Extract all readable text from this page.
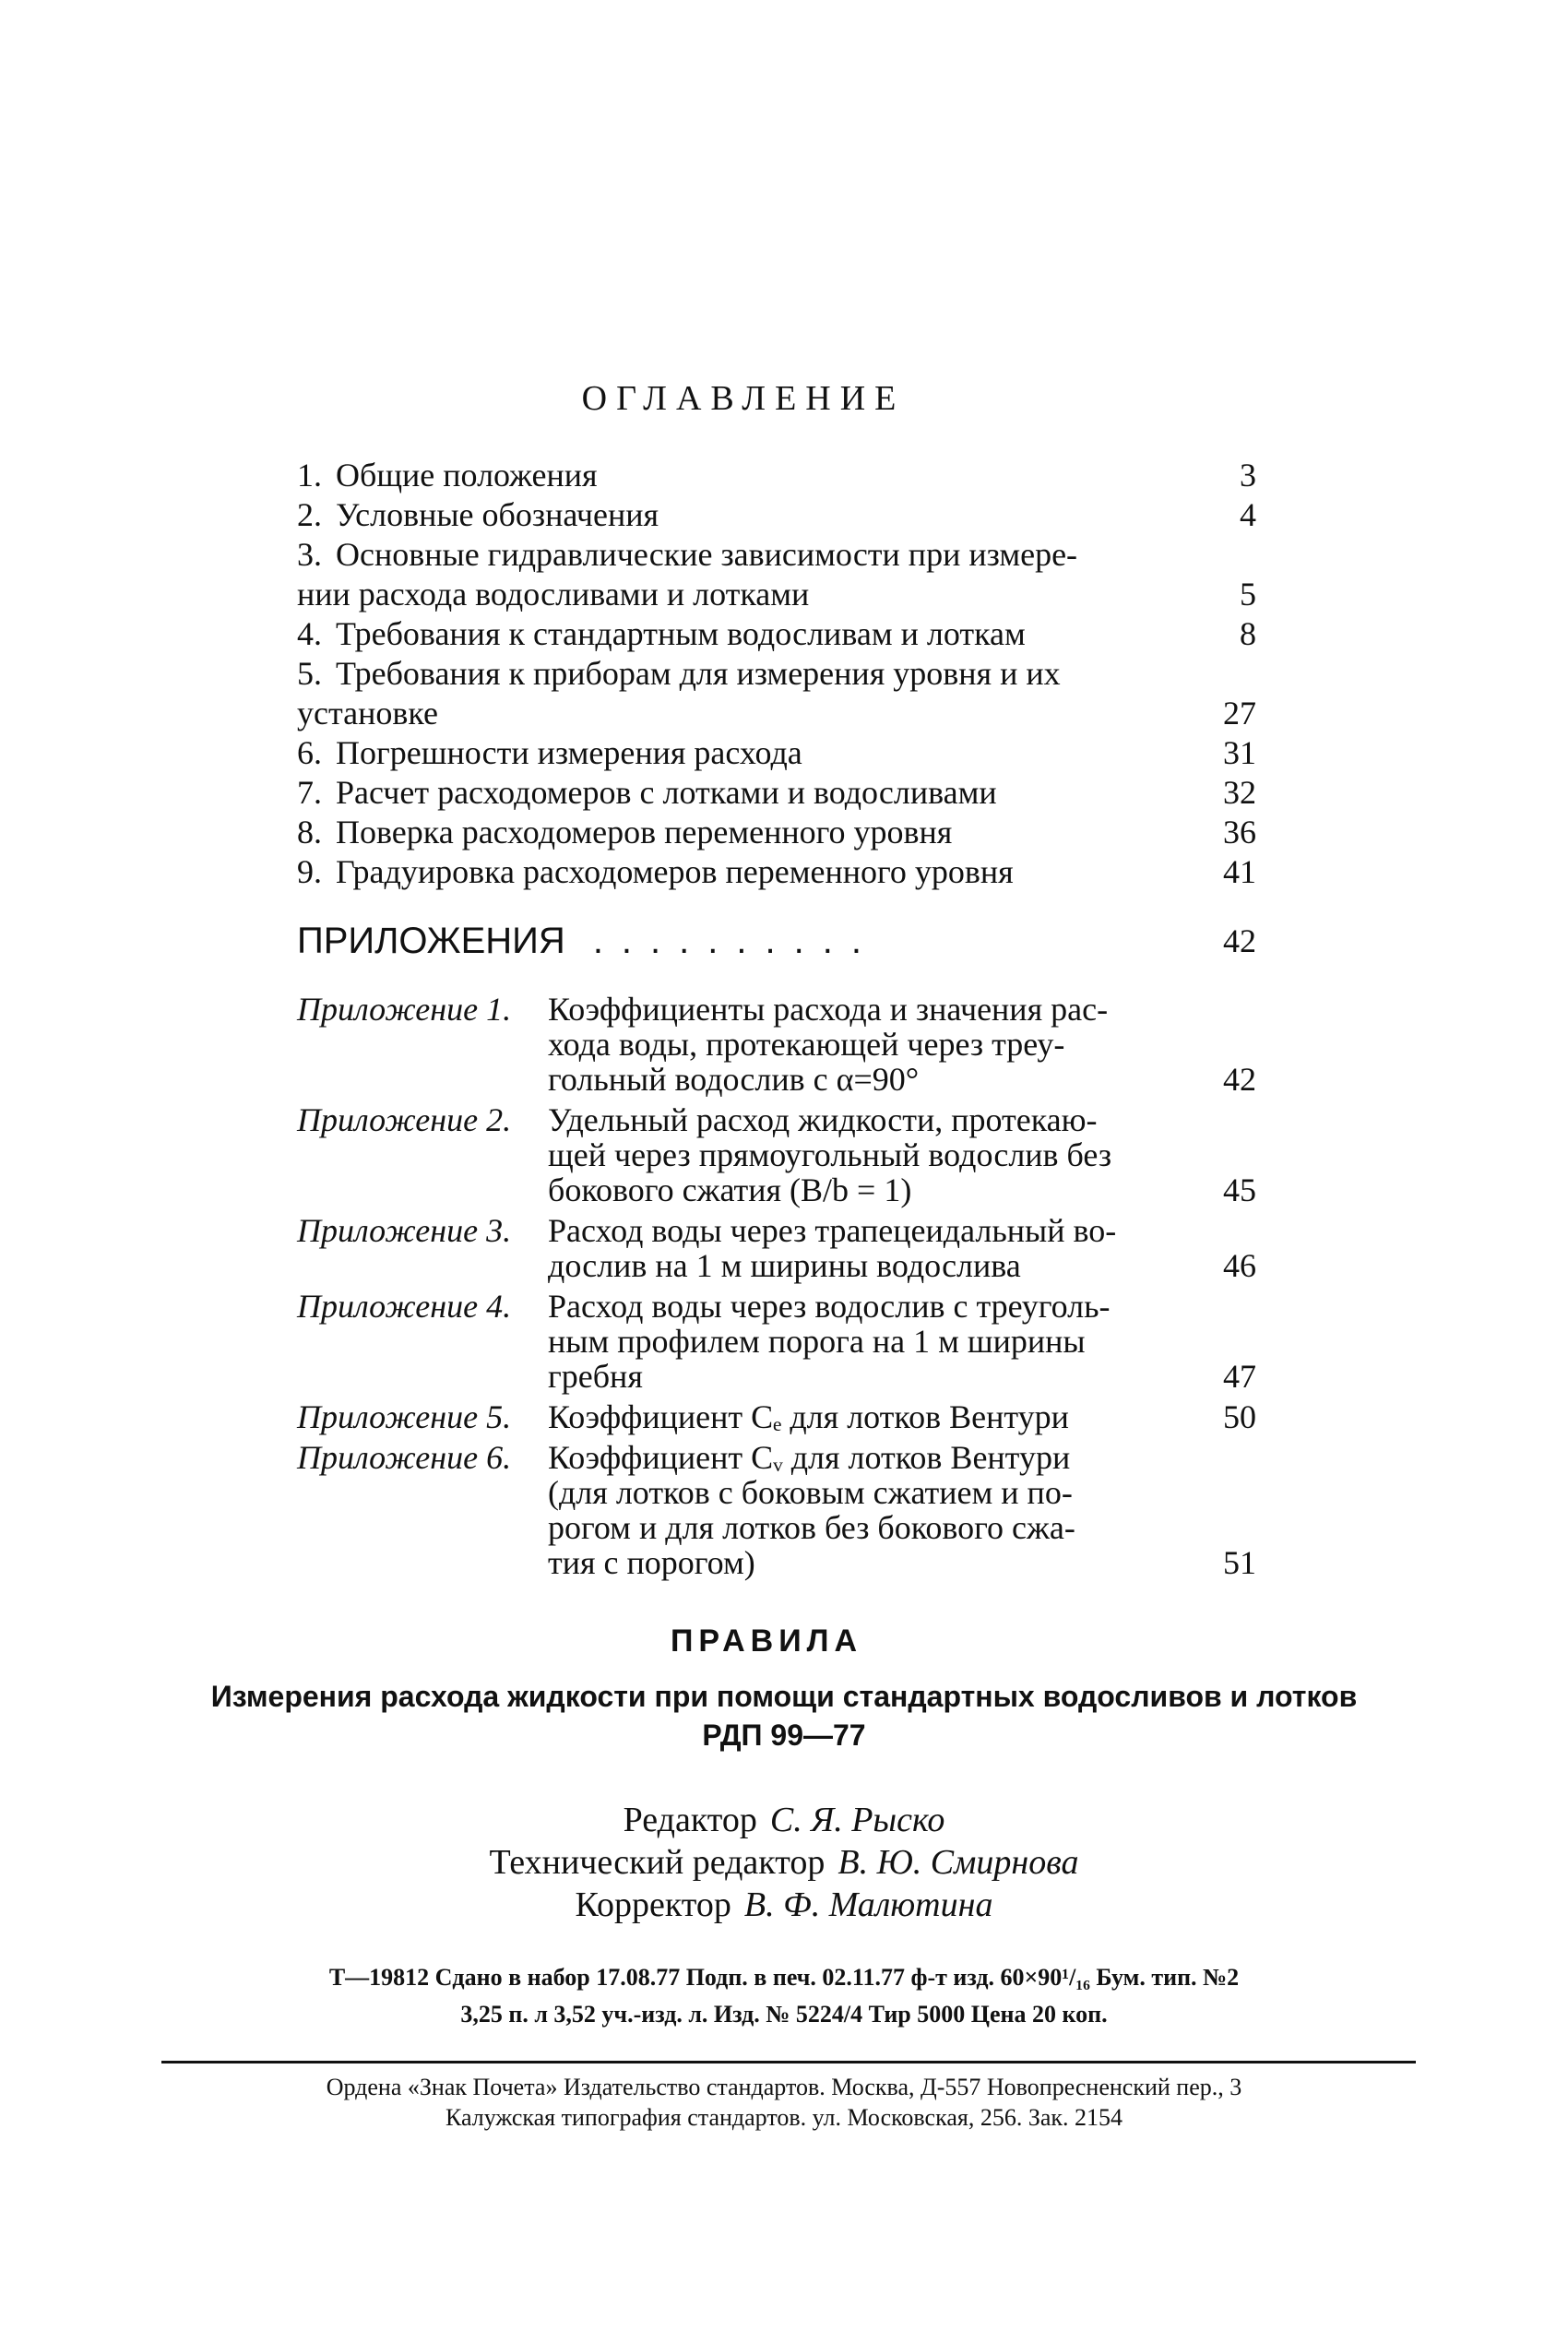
ОГЛАВЛЕНИЕ
1. Общие положения	3
2. Условные обозначения	4
3. Основные гидравлические зависимости при измере-
нии расхода водосливами и лотками	5
4. Требования к стандартным водосливам и лоткам	8
5. Требования к приборам для измерения уровня и их
установке	27
6. Погрешности измерения расхода	31
7. Расчет расходомеров с лотками и водосливами	32
8. Поверка расходомеров переменного уровня	36
9. Градуировка расходомеров переменного уровня	41
ПРИЛОЖЕНИЯ ..........	42
Приложение 1. Коэффициенты расхода и значения рас-
хода воды, протекающей через треу-
гольный водослив с α=90°	42
Приложение 2. Удельный расход жидкости, протекаю-
щей через прямоугольный водослив без
бокового сжатия (B/b = 1)	45
Приложение 3. Расход воды через трапецеидальный во-
дослив на 1 м ширины водослива	46
Приложение 4. Расход воды через водослив с треуголь-
ным профилем порога на 1 м ширины
гребня	47
Приложение 5. Коэффициент Cₑ для лотков Вентури	50
Приложение 6. Коэффициент Cᵥ для лотков Вентури
(для лотков с боковым сжатием и по-
рогом и для лотков без бокового сжа-
тия с порогом)	51
ПРАВИЛА
Измерения расхода жидкости при помощи стандартных водосливов и лотков
РДП 99—77
Редактор С. Я. Рыско
Технический редактор В. Ю. Смирнова
Корректор В. Ф. Малютина
Т—19812 Сдано в набор 17.08.77 Подп. в печ. 02.11.77 ф-т изд. 60×90¹/₁₆ Бум. тип. №2
3,25 п. л 3,52 уч.-изд. л. Изд. № 5224/4 Тир 5000 Цена 20 коп.
Ордена «Знак Почета» Издательство стандартов. Москва, Д-557 Новопресненский пер., 3
Калужская типография стандартов. ул. Московская, 256. Зак. 2154
